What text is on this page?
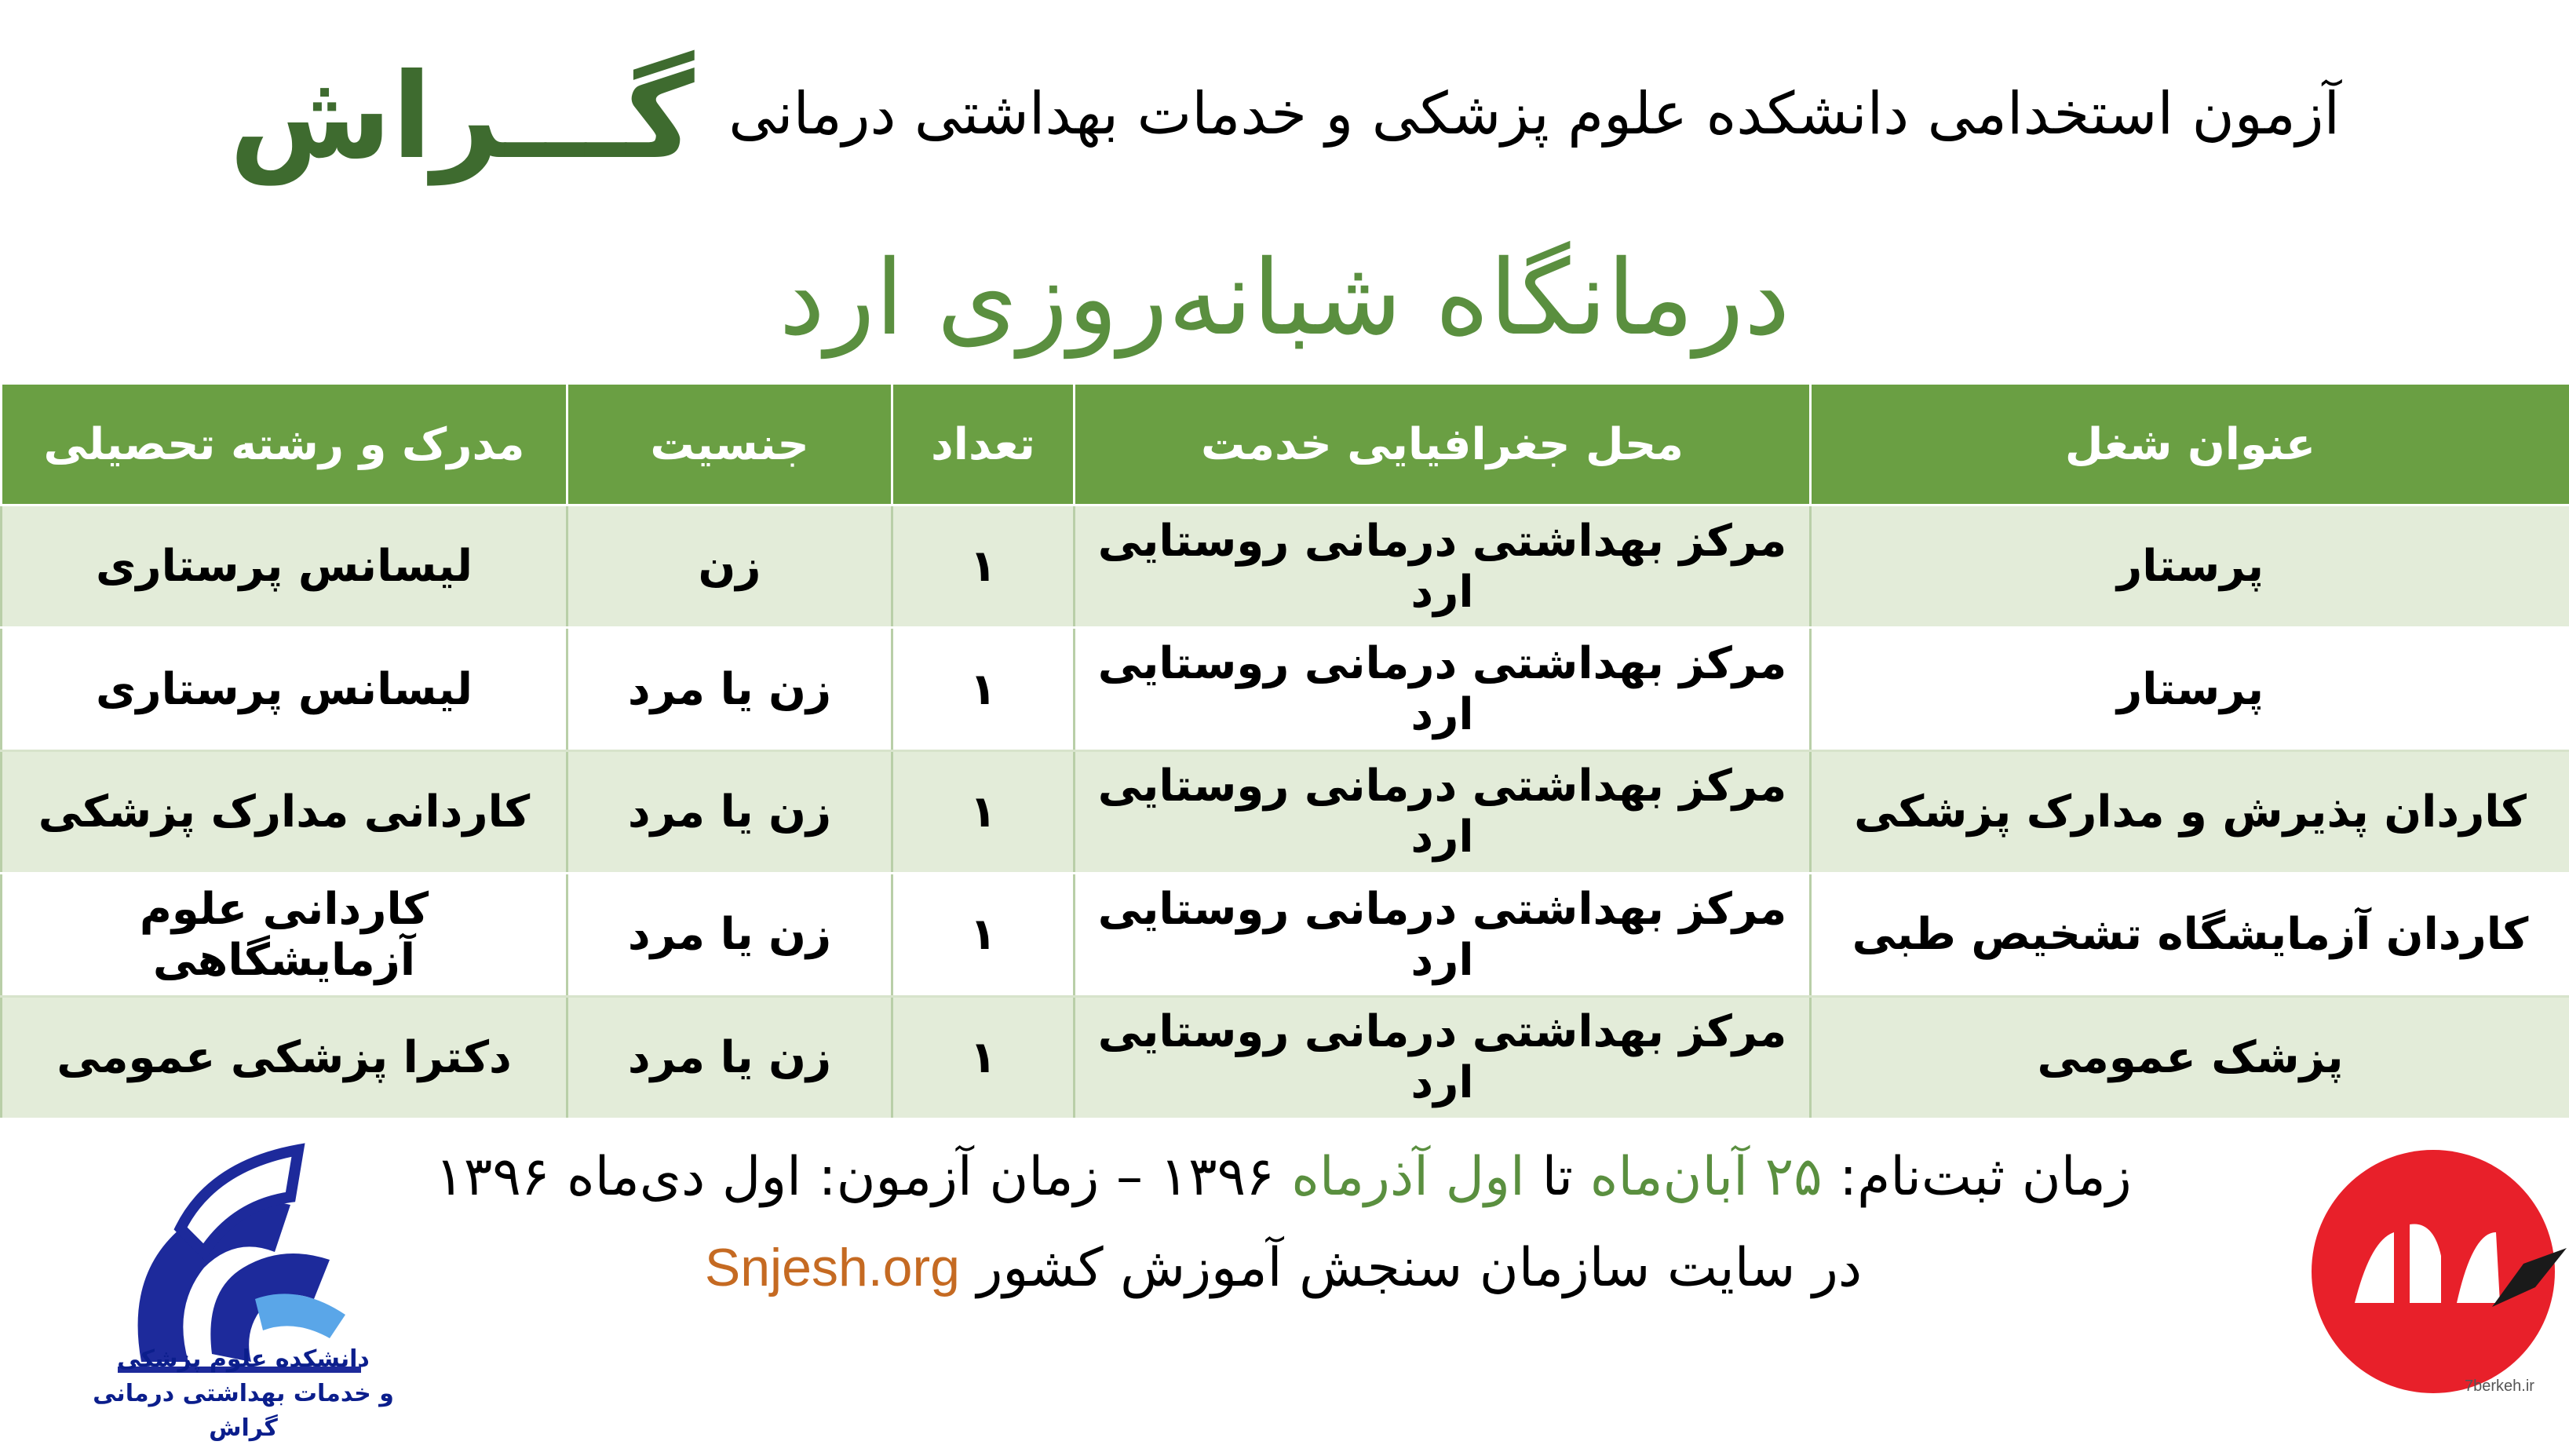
آزمون استخدامی دانشکده علوم پزشکی و خدمات بهداشتی درمانی گـــراش
درمانگاه شبانه‌روزی ارد
عنوان شغل	محل جغرافیایی خدمت	تعداد	جنسیت	مدرک و رشته تحصیلی
پرستار	مرکز بهداشتی درمانی روستایی ارد	۱	زن	لیسانس پرستاری
پرستار	مرکز بهداشتی درمانی روستایی ارد	۱	زن یا مرد	لیسانس پرستاری
کاردان پذیرش و مدارک پزشکی	مرکز بهداشتی درمانی روستایی ارد	۱	زن یا مرد	کاردانی مدارک پزشکی
کاردان آزمایشگاه تشخیص طبی	مرکز بهداشتی درمانی روستایی ارد	۱	زن یا مرد	کاردانی علوم آزمایشگاهی
پزشک عمومی	مرکز بهداشتی درمانی روستایی ارد	۱	زن یا مرد	دکترا پزشکی عمومی
زمان ثبت‌نام: ۲۵ آبان‌ماه تا اول آذرماه ۱۳۹۶ – زمان آزمون: اول دی‌ماه ۱۳۹۶
در سایت سازمان سنجش آموزش کشور Snjesh.org
دانشکده علوم پزشکی
و خدمات بهداشتی درمانی گراش
7berkeh.ir
